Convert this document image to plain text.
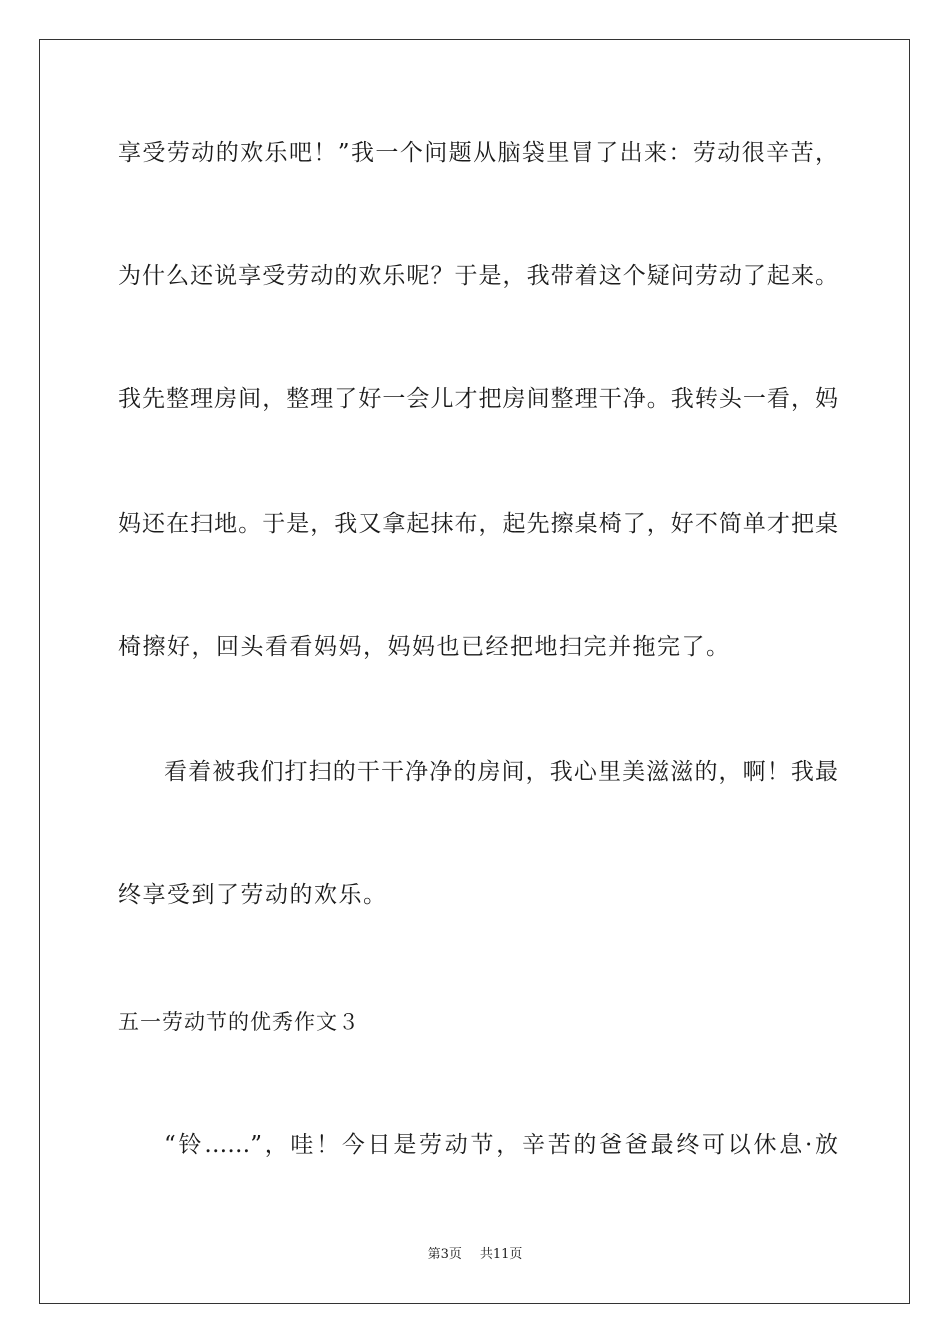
享受劳动的欢乐吧！”我一个问题从脑袋里冒了出来：劳动很辛苦，
为什么还说享受劳动的欢乐呢？于是，我带着这个疑问劳动了起来。
我先整理房间，整理了好一会儿才把房间整理干净。我转头一看，妈
妈还在扫地。于是，我又拿起抹布，起先擦桌椅了，好不简单才把桌
椅擦好，回头看看妈妈，妈妈也已经把地扫完并拖完了。
看着被我们打扫的干干净净的房间，我心里美滋滋的，啊！我最
终享受到了劳动的欢乐。
五一劳动节的优秀作文３
“铃……”，哇！今日是劳动节，辛苦的爸爸最终可以休息·放
第3页 共11页
